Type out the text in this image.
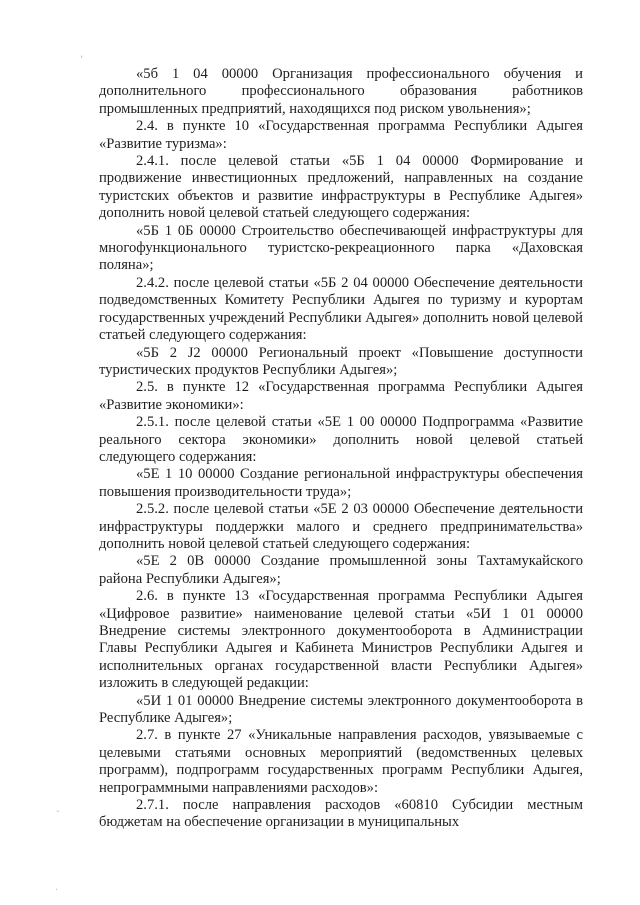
,
-
.

«5б 1 04 00000 Организация профессионального обучения и дополнительного профессионального образования работников промышленных предприятий, находящихся под риском увольнения»;

2.4. в пункте 10 «Государственная программа Республики Адыгея «Развитие туризма»:

2.4.1. после целевой статьи «5Б 1 04 00000 Формирование и продвижение инвестиционных предложений, направленных на создание туристских объектов и развитие инфраструктуры в Республике Адыгея» дополнить новой целевой статьей следующего содержания:

«5Б 1 0Б 00000 Строительство обеспечивающей инфраструктуры для многофункционального туристско-рекреационного парка «Даховская поляна»;

2.4.2. после целевой статьи «5Б 2 04 00000 Обеспечение деятельности подведомственных Комитету Республики Адыгея по туризму и курортам государственных учреждений Республики Адыгея» дополнить новой целевой статьей следующего содержания:

«5Б 2 J2 00000 Региональный проект «Повышение доступности туристических продуктов Республики Адыгея»;

2.5. в пункте 12 «Государственная программа Республики Адыгея «Развитие экономики»:

2.5.1. после целевой статьи «5Е 1 00 00000 Подпрограмма «Развитие реального сектора экономики» дополнить новой целевой статьей следующего содержания:

«5Е 1 10 00000 Создание региональной инфраструктуры обеспечения повышения производительности труда»;

2.5.2. после целевой статьи «5Е 2 03 00000 Обеспечение деятельности инфраструктуры поддержки малого и среднего предпринимательства» дополнить новой целевой статьей следующего содержания:

«5Е 2 0В 00000 Создание промышленной зоны Тахтамукайского района Республики Адыгея»;

2.6. в пункте 13 «Государственная программа Республики Адыгея «Цифровое развитие» наименование целевой статьи «5И 1 01 00000 Внедрение системы электронного документооборота в Администрации Главы Республики Адыгея и Кабинета Министров Республики Адыгея и исполнительных органах государственной власти Республики Адыгея» изложить в следующей редакции:

«5И 1 01 00000 Внедрение системы электронного документооборота в Республике Адыгея»;

2.7. в пункте 27 «Уникальные направления расходов, увязываемые с целевыми статьями основных мероприятий (ведомственных целевых программ), подпрограмм государственных программ Республики Адыгея, непрограммными направлениями расходов»:

2.7.1. после направления расходов «60810 Субсидии местным бюджетам на обеспечение организации в муниципальных
